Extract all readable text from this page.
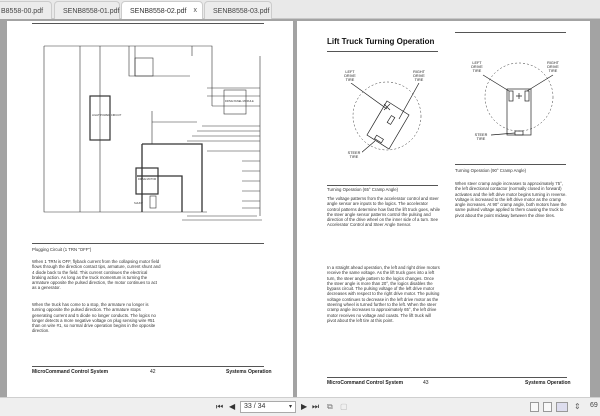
B8558-00.pdf	SENB8558-01.pdf	SENB8558-02.pdf x	SENB8558-03.pdf
LIGHT POWER CIRCUIT
DRIVE PANEL MODULE
DRIVE MOTOR
SHUNT
Plugging Circuit (1 TRN "OFF")
When 1 TRN is OFF, flyback current from the collapsing motor field flows through the direction contact tips, armature, current shunt and 4 diode back to the field. This current continues the electrical braking action. As long as the truck momentum is turning the armature opposite the pulsed direction, the motor continues to act as a generator.
When the truck has come to a stop, the armature no longer is turning opposite the pulsed direction. The armature stops generating current and 5 diode no longer conducts. The logics no longer detects a more negative voltage on plug sensing wire #51 than on wire #1, so normal drive operation begins in the opposite direction.
MicroCommand Control System	42	Systems Operation
Lift Truck Turning Operation
LEFT DRIVE TIRE
RIGHT DRIVE TIRE
STEER TIRE
Turning Operation (65° Cramp Angle)
The voltage patterns from the accelerator control and steer angle sensor are inputs to the logics. The accelerator control patterns determine how fast the lift truck goes, while the steer angle sensor patterns control the pulsing and direction of the drive wheel on the inner side of a turn. See Accelerator Control and Steer Angle Sensor.
In a straight ahead operation, the left and right drive motors receive the same voltage. As the lift truck goes into a left turn, the steer angle pattern to the logics changes. Once the steer angle is more than 20°, the logics disables the bypass circuit. The pulsing voltage of the left drive motor decreases with respect to the right drive motor. The pulsing voltage continues to decrease in the left drive motor as the steering wheel is turned further to the left. When the steer cramp angle increases to approximately 65°, the left drive motor receives no voltage and coasts. The lift truck will pivot about the left tire at this point.
LEFT DRIVE TIRE
RIGHT DRIVE TIRE
STEER TIRE
Turning Operation (90° Cramp Angle)
When steer cramp angle increases to approximately 75°, the left directional contactor (normally closed in forward) activates and the left drive motor begins turning in reverse. Voltage is increased to the left drive motor as the cramp angle increases. At 90° cramp angle, both motors have the same pulsed voltage applied to them causing the truck to pivot about the point midway between the drive tires.
MicroCommand Control System	43	Systems Operation
⏮ ◀	33 / 34	▾ ▶ ⏭ ⧉ ▢	⇕ 69
